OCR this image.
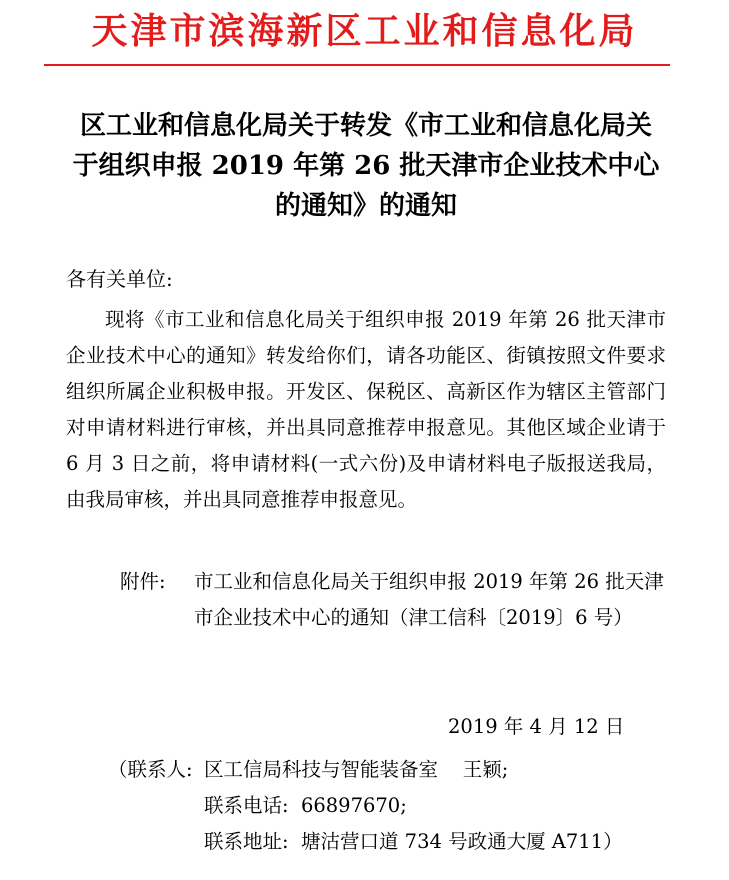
天津市滨海新区工业和信息化局
区工业和信息化局关于转发《市工业和信息化局关于组织申报 2019 年第 26 批天津市企业技术中心的通知》的通知
各有关单位:
现将《市工业和信息化局关于组织申报 2019 年第 26 批天津市企业技术中心的通知》转发给你们，请各功能区、街镇按照文件要求组织所属企业积极申报。开发区、保税区、高新区作为辖区主管部门对申请材料进行审核，并出具同意推荐申报意见。其他区域企业请于 6 月 3 日之前，将申请材料(一式六份)及申请材料电子版报送我局，由我局审核，并出具同意推荐申报意见。
附件:	市工业和信息化局关于组织申报 2019 年第 26 批天津市企业技术中心的通知（津工信科〔2019〕6 号）
2019 年 4 月 12 日
（联系人: 区工信局科技与智能装备室    王颖;
联系电话:  66897670;
联系地址:  塘沽营口道 734 号政通大厦 A711）
